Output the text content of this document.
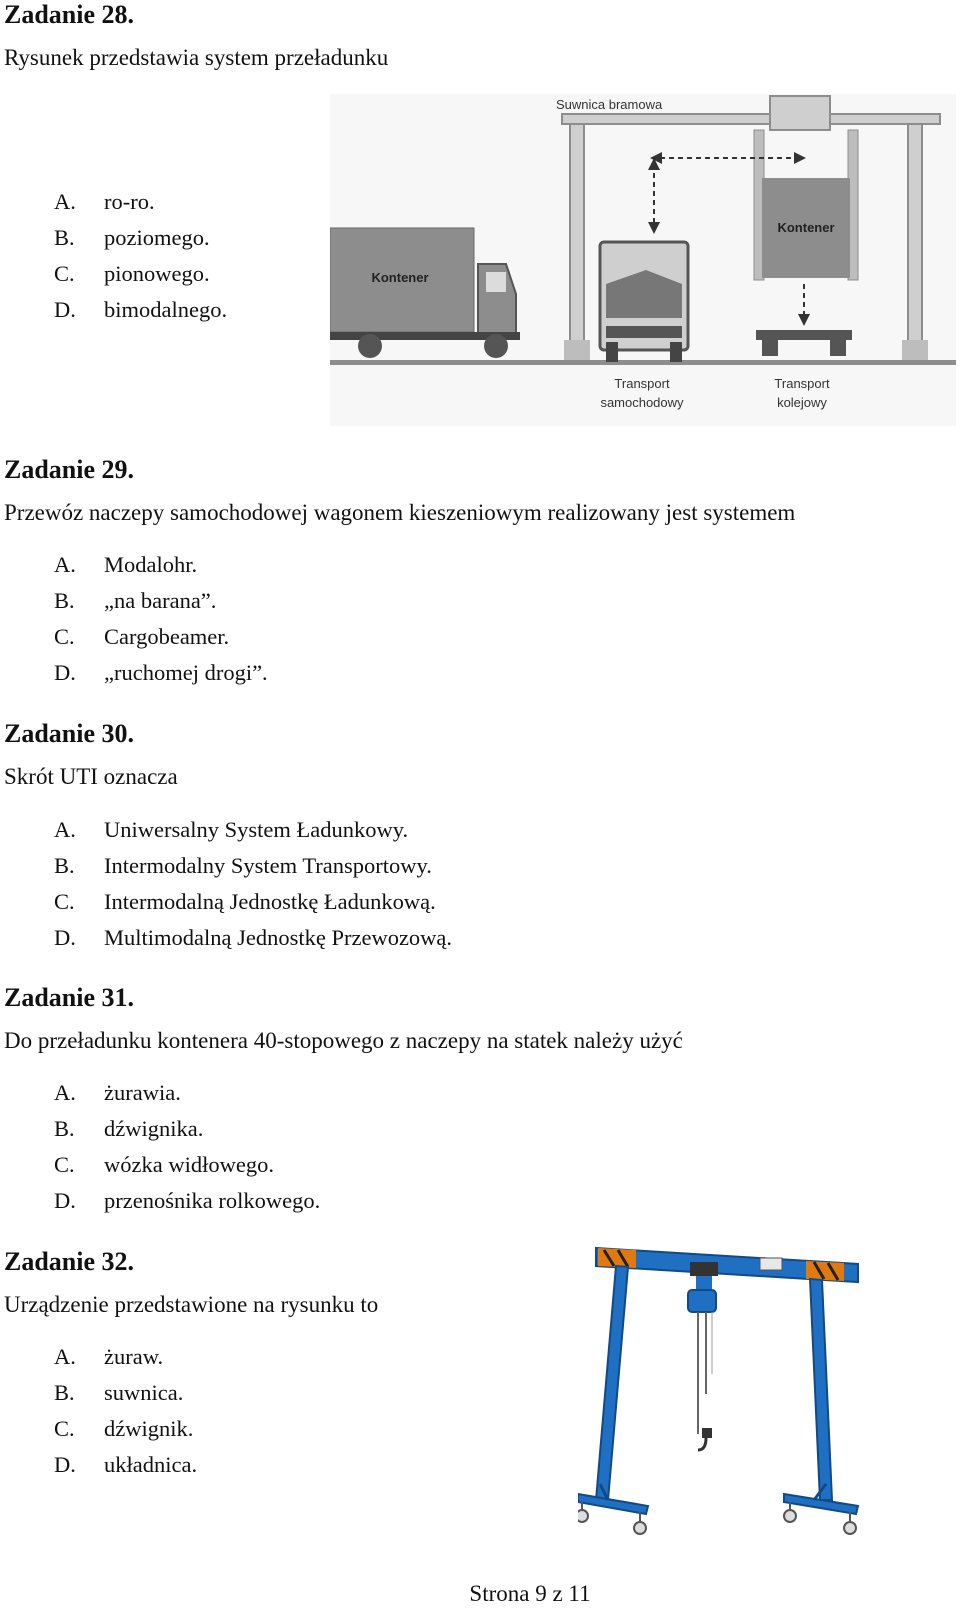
Zadanie 28.

Rysunek przedstawia system przeładunku

A. ro-ro.
B. poziomego.
C. pionowego.
D. bimodalnego.
Suwnica bramowa
Kontener
Kontener
Transport
samochodowy
Transport
kolejowy
Zadanie 29.

Przewóz naczepy samochodowej wagonem kieszeniowym realizowany jest systemem

A. Modalohr.
B. „na barana”.
C. Cargobeamer.
D. „ruchomej drogi”.
Zadanie 30.

Skrót UTI oznacza

A. Uniwersalny System Ładunkowy.
B. Intermodalny System Transportowy.
C. Intermodalną Jednostkę Ładunkową.
D. Multimodalną Jednostkę Przewozową.
Zadanie 31.

Do przeładunku kontenera 40-stopowego z naczepy na statek należy użyć

A. żurawia.
B. dźwignika.
C. wózka widłowego.
D. przenośnika rolkowego.
Zadanie 32.

Urządzenie przedstawione na rysunku to

A. żuraw.
B. suwnica.
C. dźwignik.
D. układnica.
Strona 9 z 11
